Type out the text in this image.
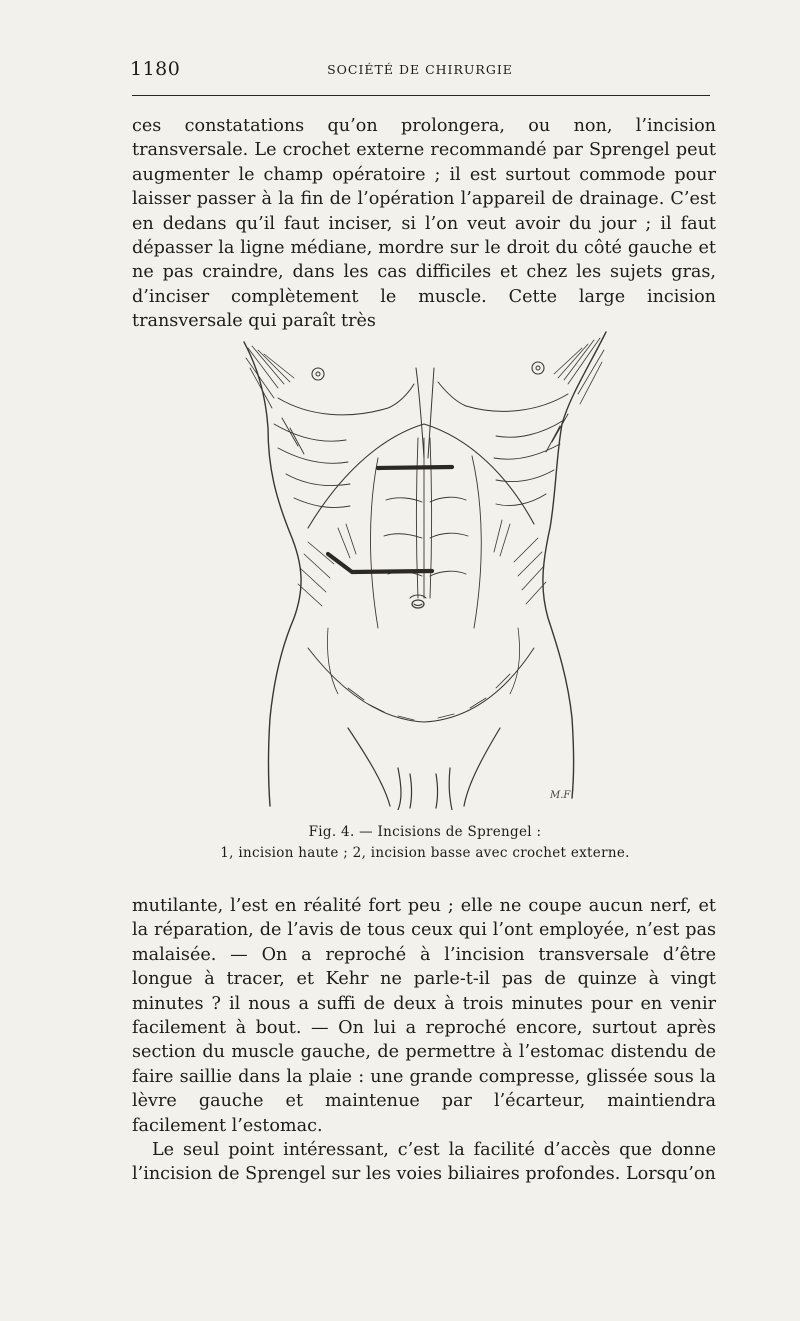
1180	SOCIÉTÉ DE CHIRURGIE

ces constatations qu’on prolongera, ou non, l’incision transversale. Le crochet externe recommandé par Sprengel peut augmenter le champ opératoire ; il est surtout commode pour laisser passer à la fin de l’opération l’appareil de drainage. C’est en dedans qu’il faut inciser, si l’on veut avoir du jour ; il faut dépasser la ligne médiane, mordre sur le droit du côté gauche et ne pas craindre, dans les cas difficiles et chez les sujets gras, d’inciser complètement le muscle. Cette large incision transversale qui paraît très

M.F
Fig. 4. — Incisions de Sprengel :
1, incision haute ; 2, incision basse avec crochet externe.

mutilante, l’est en réalité fort peu ; elle ne coupe aucun nerf, et la réparation, de l’avis de tous ceux qui l’ont employée, n’est pas malaisée. — On a reproché à l’incision transversale d’être longue à tracer, et Kehr ne parle-t-il pas de quinze à vingt minutes ? il nous a suffi de deux à trois minutes pour en venir facilement à bout. — On lui a reproché encore, surtout après section du muscle gauche, de permettre à l’estomac distendu de faire saillie dans la plaie : une grande compresse, glissée sous la lèvre gauche et maintenue par l’écarteur, maintiendra facilement l’estomac.

Le seul point intéressant, c’est la facilité d’accès que donne l’incision de Sprengel sur les voies biliaires profondes. Lorsqu’on
